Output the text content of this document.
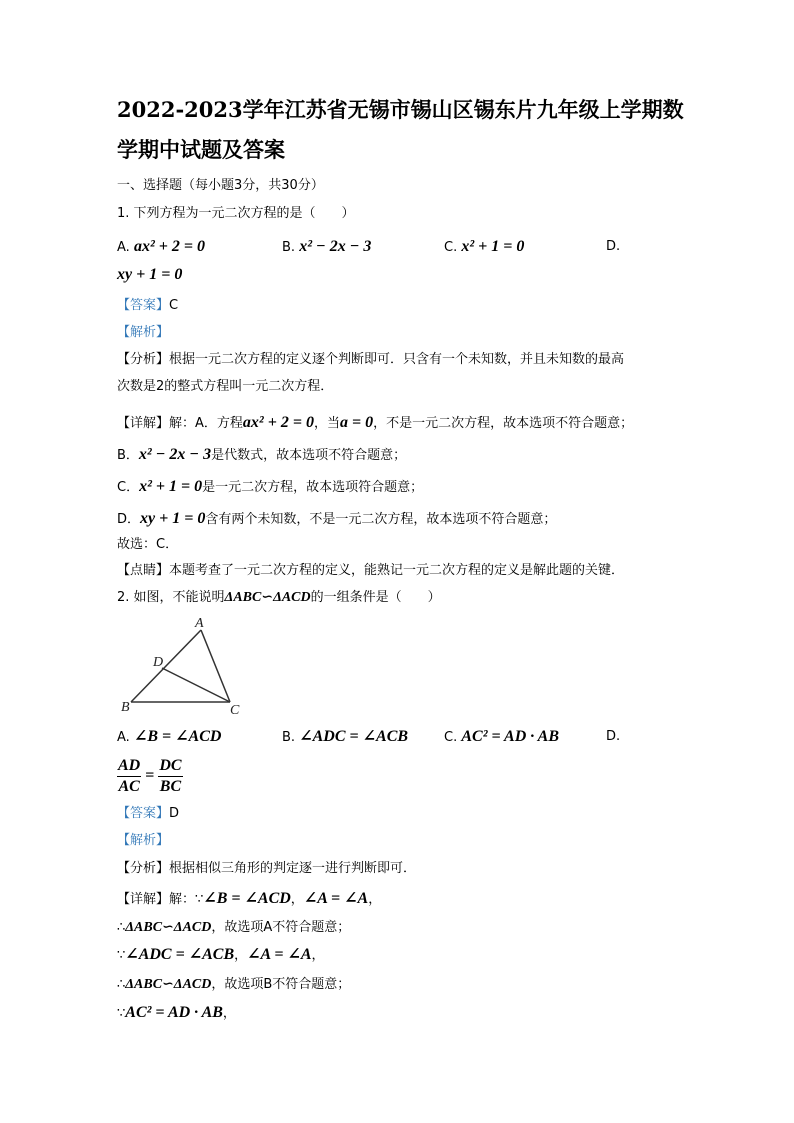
2022-2023学年江苏省无锡市锡山区锡东片九年级上学期数
学期中试题及答案
一、选择题（每小题3分，共30分）
1. 下列方程为一元二次方程的是（　　）
A. ax² + 2 = 0	B. x² − 2x − 3	C. x² + 1 = 0	D.
xy + 1 = 0
【答案】C
【解析】
【分析】根据一元二次方程的定义逐个判断即可．只含有一个未知数，并且未知数的最高
次数是2的整式方程叫一元二次方程．
【详解】解：A．方程ax² + 2 = 0，当a = 0，不是一元二次方程，故本选项不符合题意；
B．x² − 2x − 3是代数式，故本选项不符合题意；
C．x² + 1 = 0是一元二次方程，故本选项符合题意；
D．xy + 1 = 0含有两个未知数，不是一元二次方程，故本选项不符合题意；
故选：C．
【点睛】本题考查了一元二次方程的定义，能熟记一元二次方程的定义是解此题的关键．
2. 如图，不能说明ΔABC∽ΔACD的一组条件是（　　）
A
D
B	C
A. ∠B = ∠ACD	B. ∠ADC = ∠ACB	C. AC² = AD · AB	D.
$\frac{AD}{AC} = \frac{DC}{BC}$
【答案】D
【解析】
【分析】根据相似三角形的判定逐一进行判断即可．
【详解】解：∵∠B = ∠ACD，∠A = ∠A，
∴ΔABC∽ΔACD，故选项A不符合题意；
∵∠ADC = ∠ACB，∠A = ∠A，
∴ΔABC∽ΔACD，故选项B不符合题意；
∵AC² = AD · AB，
